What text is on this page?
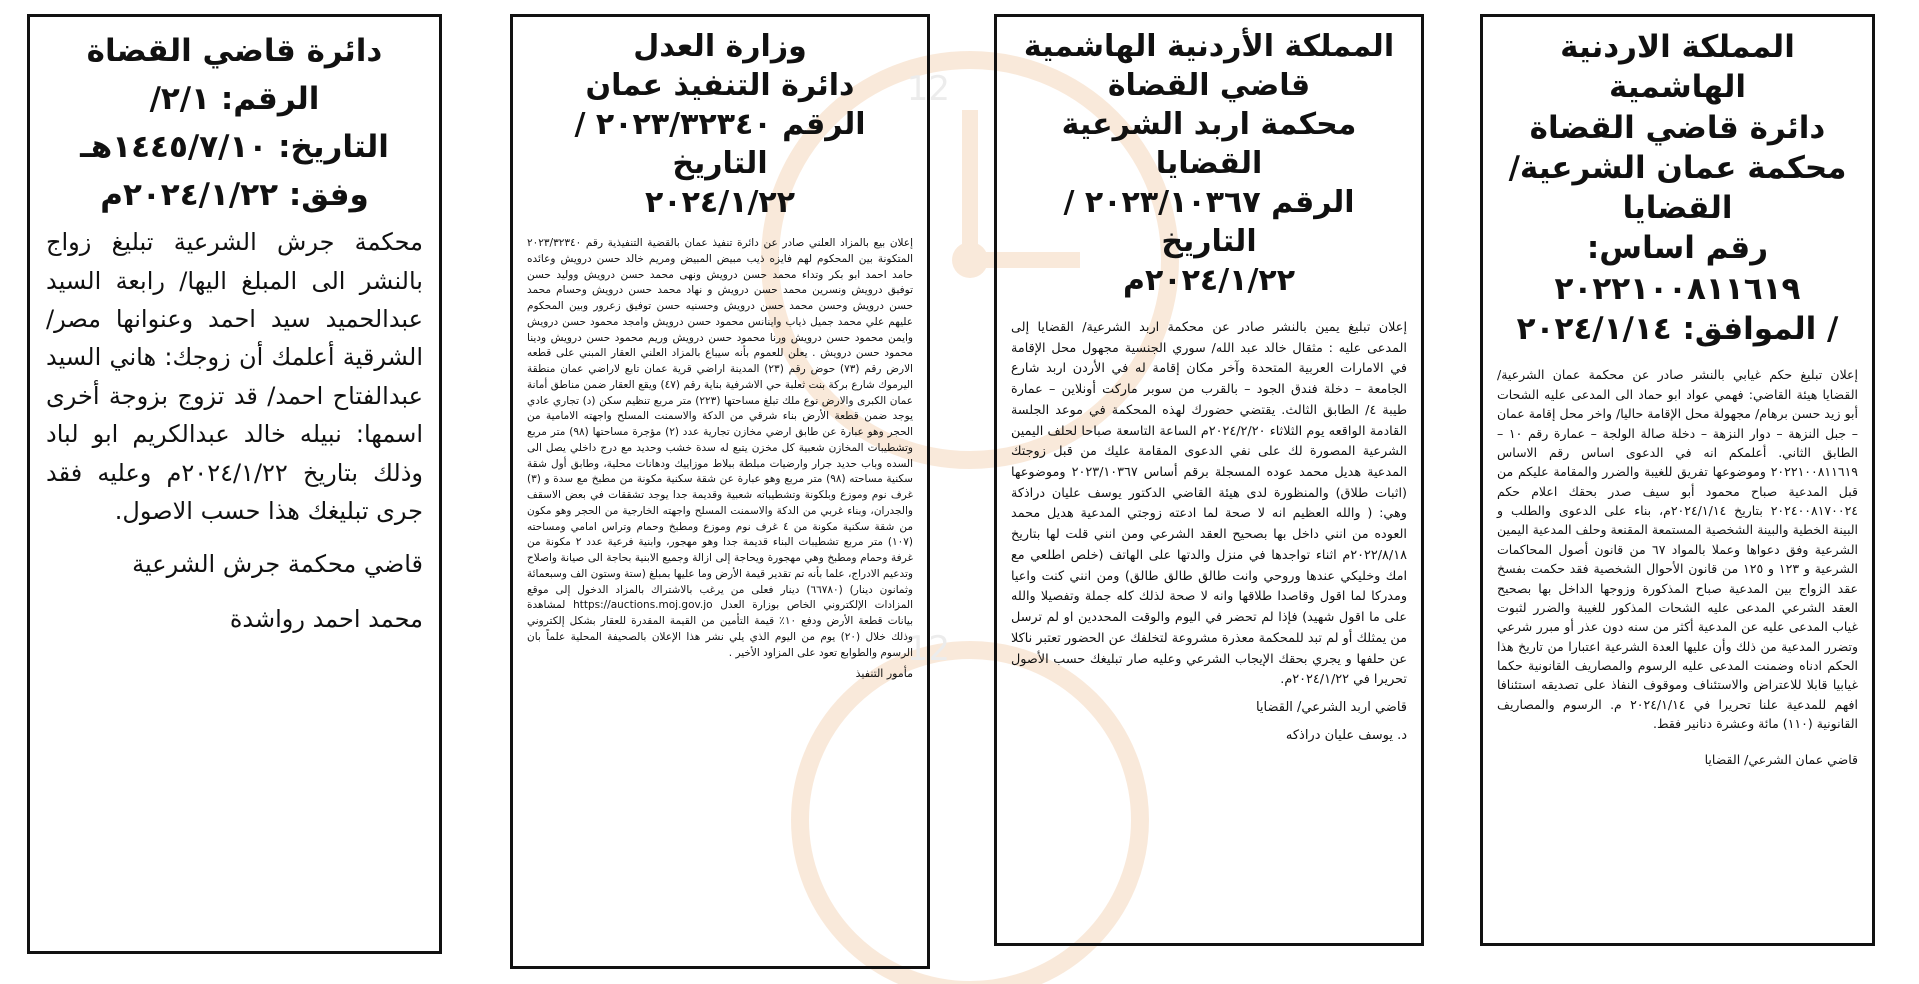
12
12

المملكة الاردنية الهاشمية

دائرة قاضي القضاة

محكمة عمان الشرعية/

القضايا

رقم اساس: ٢٠٢٢١٠٠٨١١٦١٩

/ الموافق: ٢٠٢٤/١/١٤

إعلان تبليغ حكم غيابي بالنشر صادر عن محكمة عمان الشرعية/ القضايا هيئة القاضي: فهمي عواد ابو حماد الى المدعى عليه الشحات أبو زيد حسن برهام/ مجهولة محل الإقامة حاليا/ واخر محل إقامة عمان – جبل النزهة – دوار النزهة – دخلة صالة الولجة – عمارة رقم ١٠ – الطابق الثاني. أعلمكم انه في الدعوى اساس رقم الاساس ٢٠٢٢١٠٠٨١١٦١٩ وموضوعها تفريق للغيبة والضرر والمقامة عليكم من قبل المدعية صباح محمود أبو سيف صدر بحقك اعلام حكم ٢٠٢٤٠٠٨١٧٠٠٢٤ بتاريخ ٢٠٢٤/١/١٤م، بناء على الدعوى والطلب و البينة الخطية والبينة الشخصية المستمعة المقنعة وحلف المدعية اليمين الشرعية وفق دعواها وعملا بالمواد ٦٧ من قانون أصول المحاكمات الشرعية و ١٢٣ و ١٢٥ من قانون الأحوال الشخصية فقد حكمت بفسخ عقد الزواج بين المدعية صباح المذكورة وزوجها الداخل بها بصحيح العقد الشرعي المدعى عليه الشحات المذكور للغيبة والضرر لثبوت غياب المدعى عليه عن المدعية أكثر من سنه دون عذر أو مبرر شرعي وتضرر المدعية من ذلك وأن عليها العدة الشرعية اعتبارا من تاريخ هذا الحكم ادناه وضمنت المدعى عليه الرسوم والمصاريف القانونية حكما غيابيا قابلا للاعتراض والاستئناف وموقوف النفاذ على تصديقه استئنافا افهم للمدعية علنا تحريرا في ٢٠٢٤/١/١٤ م. الرسوم والمصاريف القانونية (١١٠) مائة وعشرة دنانير فقط.

قاضي عمان الشرعي/ القضايا

المملكة الأردنية الهاشمية

قاضي القضاة

محكمة اربد الشرعية القضايا

الرقم ٢٠٢٣/١٠٣٦٧ / التاريخ

٢٠٢٤/١/٢٢م

إعلان تبليغ يمين بالنشر صادر عن محكمة اربد الشرعية/ القضايا إلى المدعى عليه : مثقال خالد عبد الله/ سوري الجنسية مجهول محل الإقامة في الامارات العربية المتحدة وآخر مكان إقامة له في الأردن اربد شارع الجامعة – دخلة فندق الجود – بالقرب من سوبر ماركت أونلاين – عمارة طيبة ٤/ الطابق الثالث. يقتضي حضورك لهذه المحكمة في موعد الجلسة القادمة الواقعه يوم الثلاثاء ٢٠٢٤/٢/٢٠م الساعة التاسعة صباحا لحلف اليمين الشرعية المصورة لك على نفي الدعوى المقامة عليك من قبل زوجتك المدعية هديل محمد عوده المسجلة برقم أساس ٢٠٢٣/١٠٣٦٧ وموضوعها (اثبات طلاق) والمنظورة لدى هيئة القاضي الدكتور يوسف عليان دراذكة وهي: ( والله العظيم انه لا صحة لما ادعته زوجتي المدعية هديل محمد العوده من انني داخل بها بصحيح العقد الشرعي ومن انني قلت لها بتاريخ ٢٠٢٢/٨/١٨م اثناء تواجدها في منزل والدتها على الهاتف (خلص اطلعي مع امك وخليكي عندها وروحي وانت طالق طالق طالق) ومن انني كنت واعيا ومدركا لما اقول وقاصدا طلاقها وانه لا صحة لذلك كله جملة وتفصيلا والله على ما اقول شهيد) فإذا لم تحضر في اليوم والوقت المحددين او لم ترسل من يمثلك أو لم تبد للمحكمة معذرة مشروعة لتخلفك عن الحضور تعتبر ناكلا عن حلفها و يجري بحقك الإيجاب الشرعي وعليه صار تبليغك حسب الأصول تحريرا في ٢٠٢٤/١/٢٢م.

قاضي اربد الشرعي/ القضايا

د. يوسف عليان دراذكه

وزارة العدل

دائرة التنفيذ عمان

الرقم ٢٠٢٣/٣٢٣٤٠ / التاريخ

٢٠٢٤/١/٢٢

إعلان بيع بالمزاد العلني صادر عن دائرة تنفيذ عمان بالقضية التنفيذية رقم ٢٠٢٣/٣٢٣٤٠ المتكونة بين المحكوم لهم فايزه ذيب مبيض المبيض ومريم خالد حسن درويش وعائده حامد احمد ابو بكر وتداء محمد حسن درويش ونهى محمد حسن درويش ووليد حسن توفيق درويش ونسرين محمد حسن درويش و نهاد محمد حسن درويش وحسام محمد حسن درويش وحسن محمد حسن درويش وحسنيه حسن توفيق زعرور وبين المحكوم عليهم علي محمد جميل ذياب واينانس محمود حسن درويش وامجد محمود حسن درويش وايمن محمود حسن درويش ورنا محمود حسن درويش وريم محمود حسن درويش ودينا محمود حسن درويش . يعلن للعموم بأنه سيباع بالمزاد العلني العقار المبني على قطعه الارض رقم (٧٣) حوض رقم (٢٣) المدينة اراضي قرية عمان تابع لاراضي عمان منطقة اليرموك شارع بركة بنت ثعلبة حي الاشرفية بناية رقم (٤٧) ويقع العقار ضمن مناطق أمانة عمان الكبرى والارض نوع ملك تبلغ مساحتها (٢٢٣) متر مربع تنظيم سكن (د) تجاري عادي يوجد ضمن قطعة الأرض بناء شرقي من الدكة والاسمنت المسلح واجهته الامامية من الحجر وهو عبارة عن طابق ارضي مخازن تجارية عدد (٢) مؤجرة مساحتها (٩٨) متر مربع وتشطيبات المخازن شعبية كل مخزن يتبع له سدة خشب وحديد مع درج داخلي يصل الى السده وباب حديد جرار وارضيات مبلطة ببلاط موزاييك ودهانات محلية، وطابق أول شقة سكنية مساحته (٩٨) متر مربع وهو عبارة عن شقة سكنية مكونة من مطبخ مع سدة و (٣) غرف نوم وموزع وبلكونة وتشطيباته شعبية وقديمة جدا يوجد تشققات في بعض الاسقف والجدران، وبناء غربي من الدكة والاسمنت المسلح واجهته الخارجية من الحجر وهو مكون من شقة سكنية مكونة من ٤ غرف نوم وموزع ومطبخ وحمام وتراس امامي ومساحته (١٠٧) متر مربع تشطيبات البناء قديمة جدا وهو مهجور، وابنية فرعية عدد ٢ مكونة من غرفة وحمام ومطبخ وهي مهجورة ويحاجة إلى ازالة وجميع الابنية بحاجة الى صيانة واصلاح وتدعيم الادراج، علما بأنه تم تقدير قيمة الأرض وما عليها بمبلغ (ستة وستون الف وسبعمائة وثمانون دينار) (٦٦٧٨٠) دينار فعلى من يرغب بالاشتراك بالمزاد الدخول إلى موقع المزادات الإلكتروني الخاص بوزارة العدل https://auctions.moj.gov.jo لمشاهدة بيانات قطعة الأرض ودفع ١٠٪ قيمة التأمين من القيمة المقدرة للعقار بشكل إلكتروني وذلك خلال (٢٠) يوم من اليوم الذي يلي نشر هذا الإعلان بالصحيفة المحلية علماً بان الرسوم والطوابع تعود على المزاود الأخير .

مأمور التنفيذ

دائرة قاضي القضاة

الرقم: ٢/١/

التاريخ: ١٤٤٥/٧/١٠هـ

وفق: ٢٠٢٤/١/٢٢م

محكمة جرش الشرعية تبليغ زواج بالنشر الى المبلغ اليها/ رابعة السيد عبدالحميد سيد احمد وعنوانها مصر/ الشرقية أعلمك أن زوجك: هاني السيد عبدالفتاح احمد/ قد تزوج بزوجة أخرى اسمها: نبيله خالد عبدالكريم ابو لباد وذلك بتاريخ ٢٠٢٤/١/٢٢م وعليه فقد جرى تبليغك هذا حسب الاصول.

قاضي محكمة جرش الشرعية

محمد احمد رواشدة
